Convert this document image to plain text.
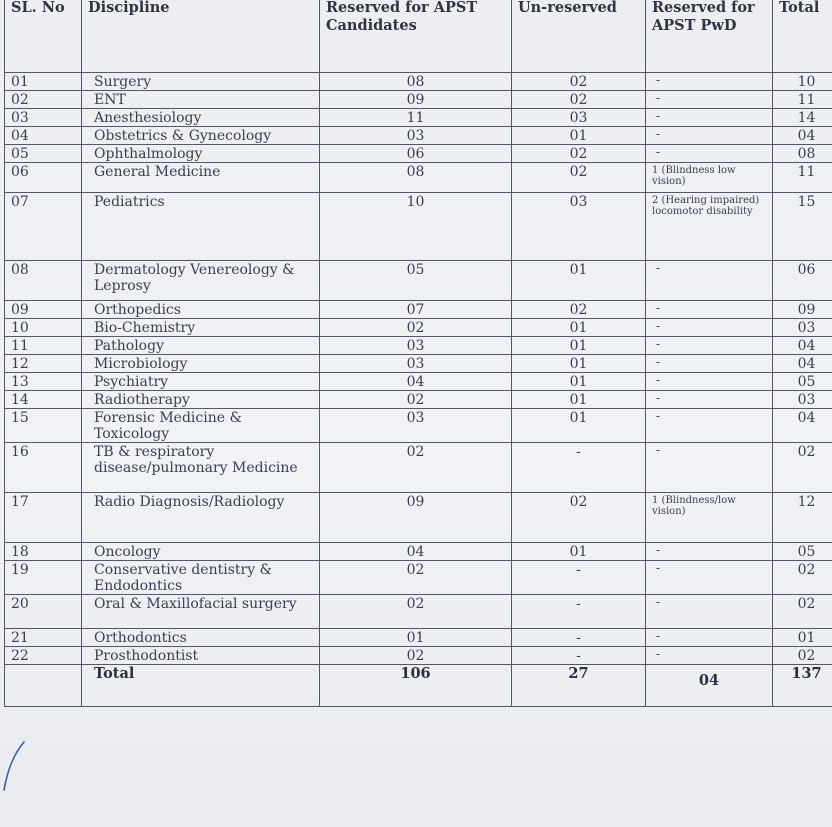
SL. No	Discipline	Reserved for APST Candidates	Un-reserved	Reserved for APST PwD	Total
01	Surgery	08	02	-	10
02	ENT	09	02	-	11
03	Anesthesiology	11	03	-	14
04	Obstetrics & Gynecology	03	01	-	04
05	Ophthalmology	06	02	-	08
06	General Medicine	08	02	1 (Blindness low vision)	11
07	Pediatrics	10	03	2 (Hearing impaired) locomotor disability	15
08	Dermatology Venereology & Leprosy	05	01	-	06
09	Orthopedics	07	02	-	09
10	Bio-Chemistry	02	01	-	03
11	Pathology	03	01	-	04
12	Microbiology	03	01	-	04
13	Psychiatry	04	01	-	05
14	Radiotherapy	02	01	-	03
15	Forensic Medicine & Toxicology	03	01	-	04
16	TB & respiratory disease/pulmonary Medicine	02	-	-	02
17	Radio Diagnosis/Radiology	09	02	1 (Blindness/low vision)	12
18	Oncology	04	01	-	05
19	Conservative dentistry & Endodontics	02	-	-	02
20	Oral & Maxillofacial surgery	02	-	-	02
21	Orthodontics	01	-	-	01
22	Prosthodontist	02	-	-	02
	Total	106	27	04	137
